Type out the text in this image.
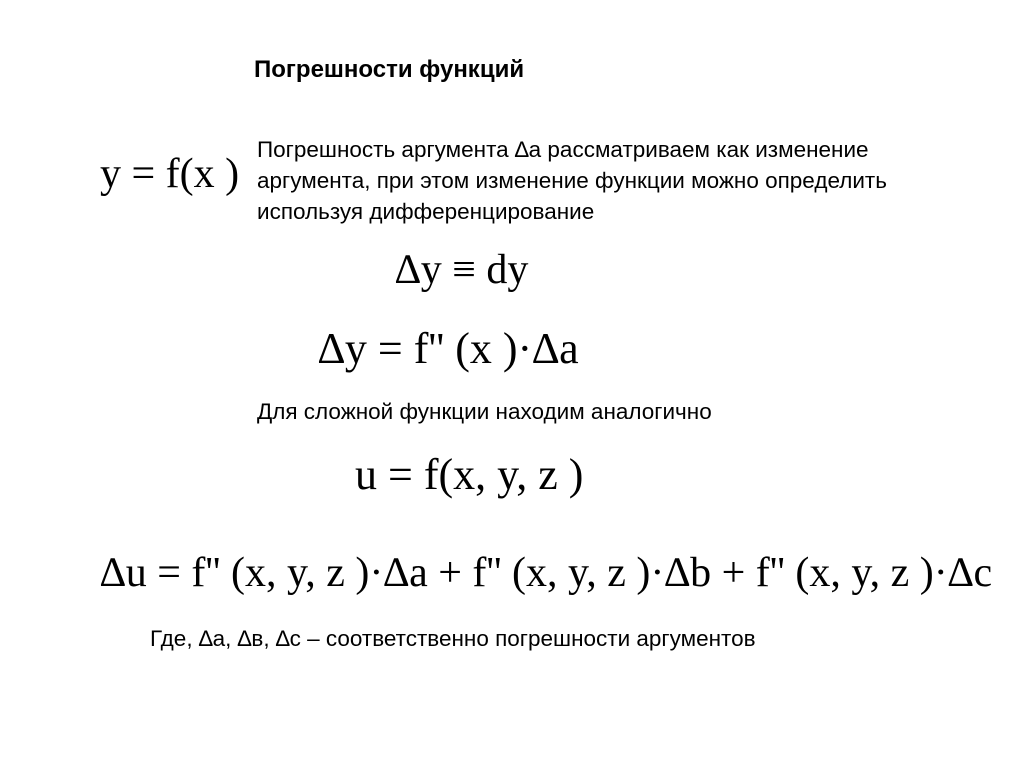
Погрешности функций
y = f(x )
Погрешность аргумента ∆а рассматриваем как изменение
аргумента, при этом изменение функции можно определить
используя дифференцирование
∆y ≡ dy
∆y = f'' (x )·∆a
Для сложной функции находим аналогично
u = f(x, y, z )
∆u = f'' (x, y, z )·∆a + f'' (x, y, z )·∆b + f'' (x, y, z )·∆c
Где, ∆а, ∆в, ∆с – соответственно погрешности аргументов
